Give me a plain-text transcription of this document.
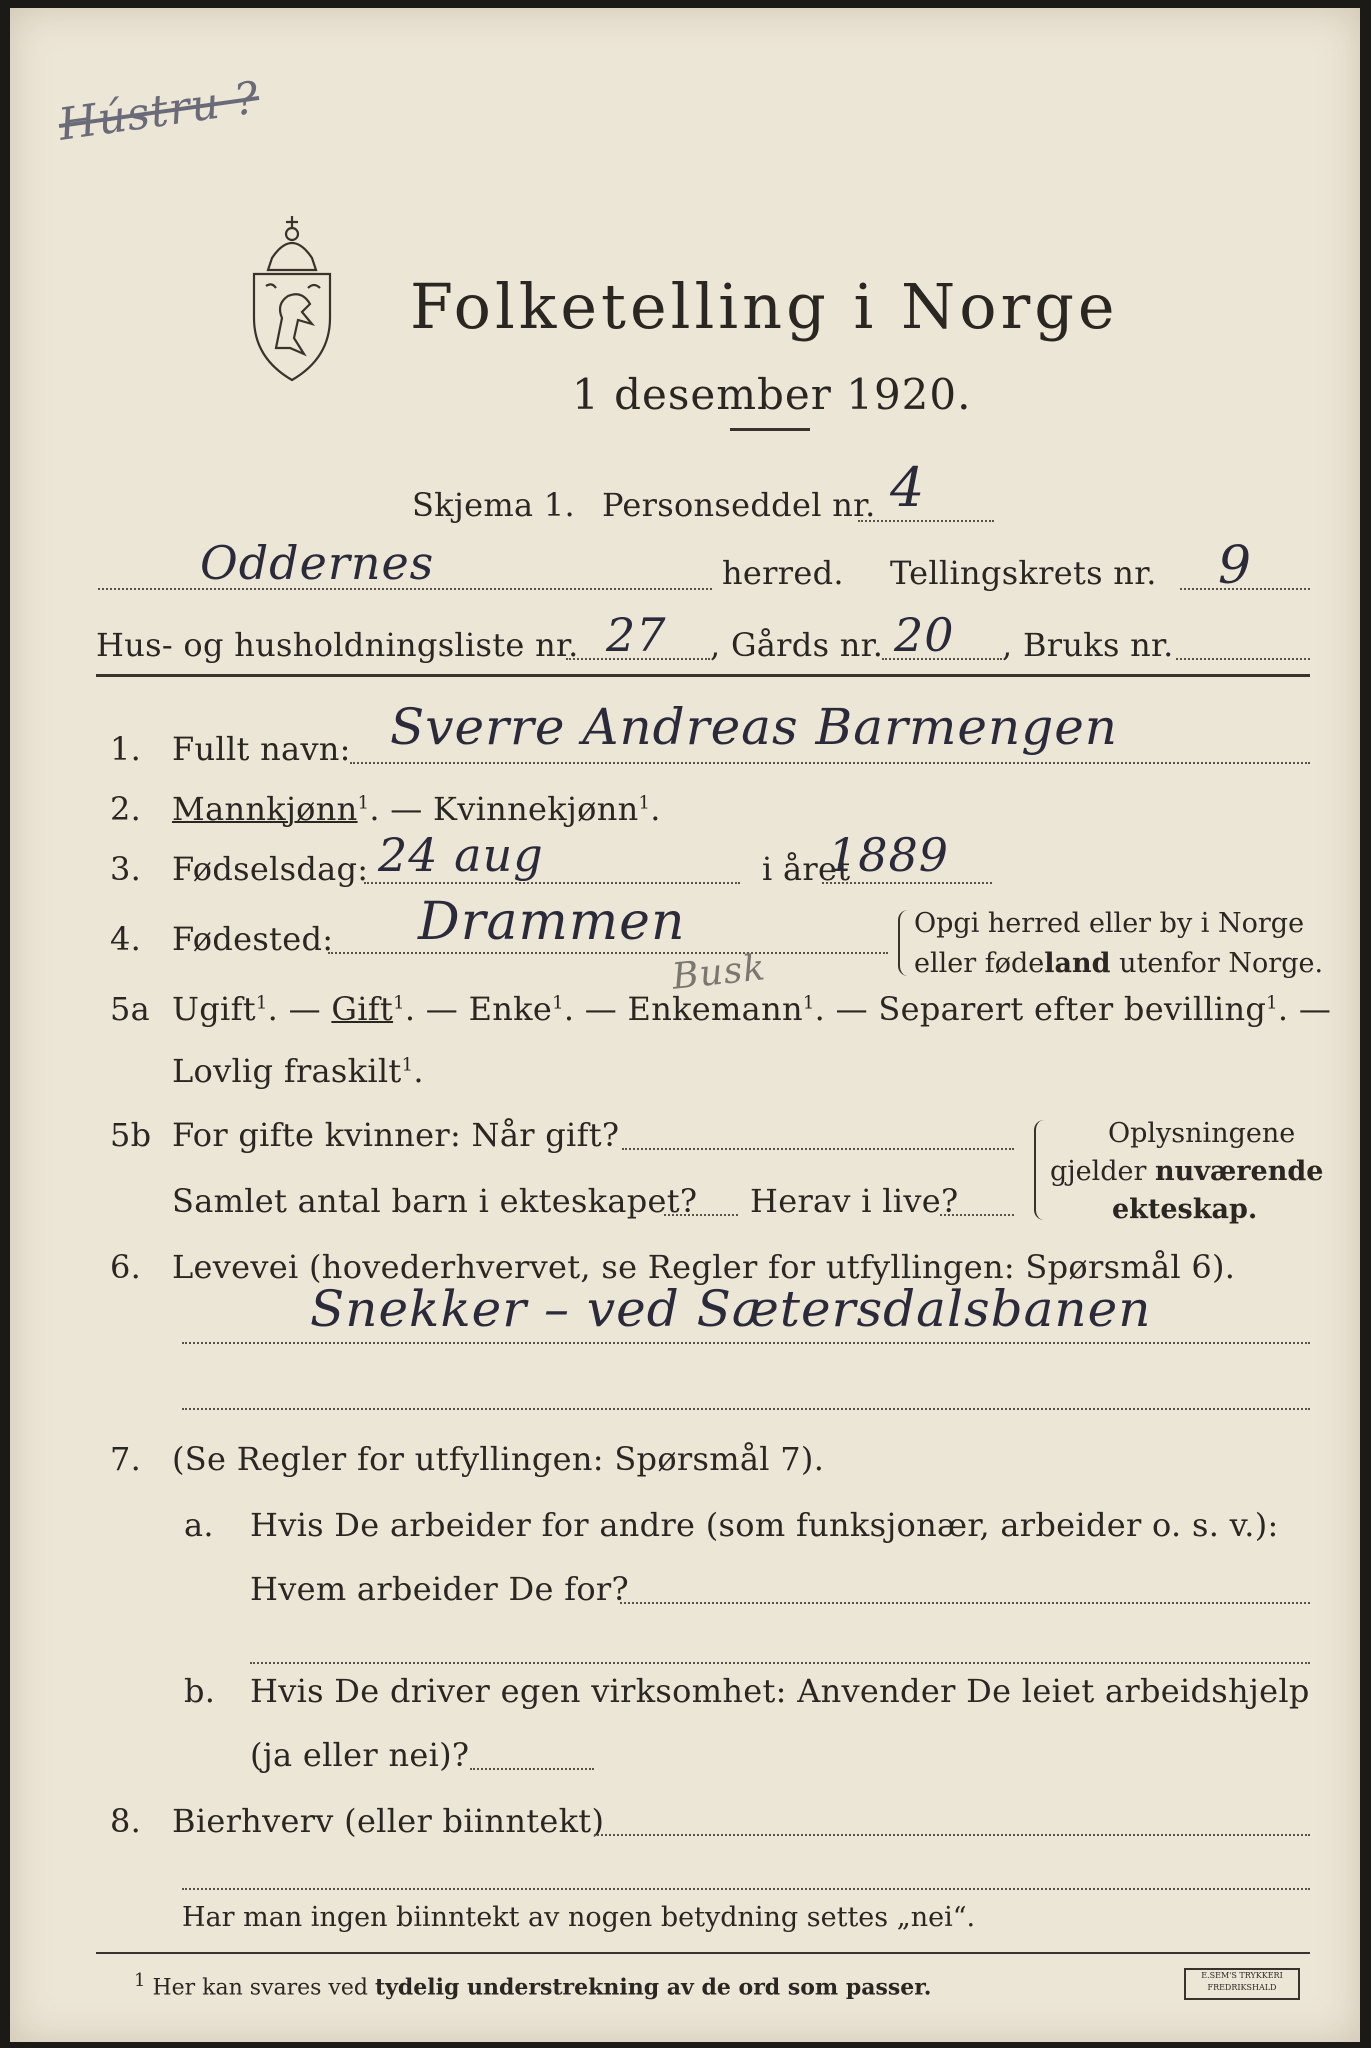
Hústru ?
Folketelling i Norge
1 desember 1920.
Skjema 1. Personseddel nr. 4
Oddernes	herred. Tellingskrets nr. 9
Hus- og husholdningsliste nr. 27 , Gårds nr. 20 , Bruks nr.
1. Fullt navn: Sverre Andreas Barmengen
2. Mannkjønn$^1$. — Kvinnekjønn$^1$.
3. Fødselsdag: 24 aug	i året
1889
4. Fødested: Drammen
Busk
Opgi herred eller by i Norge
eller fødeland utenfor Norge.
5a Ugift$^1$. — Gift$^1$. — Enke$^1$. — Enkemann$^1$. — Separert efter bevilling$^1$. —
Lovlig fraskilt$^1$.
5b For gifte kvinner: Når gift?
Samlet antal barn i ekteskapet? Herav i live?
Oplysningene
gjelder nuværende
ekteskap.
6. Levevei (hovederhvervet, se Regler for utfyllingen: Spørsmål 6).
Snekker – ved Sætersdalsbanen
7. (Se Regler for utfyllingen: Spørsmål 7).
a. Hvis De arbeider for andre (som funksjonær, arbeider o. s. v.):
Hvem arbeider De for?
b. Hvis De driver egen virksomhet: Anvender De leiet arbeidshjelp
(ja eller nei)?
8. Bierhverv (eller biinntekt)
Har man ingen biinntekt av nogen betydning settes „nei“.
$^1$ Her kan svares ved tydelig understrekning av de ord som passer.	E.SEM'S TRYKKERI
FREDRIKSHALD
